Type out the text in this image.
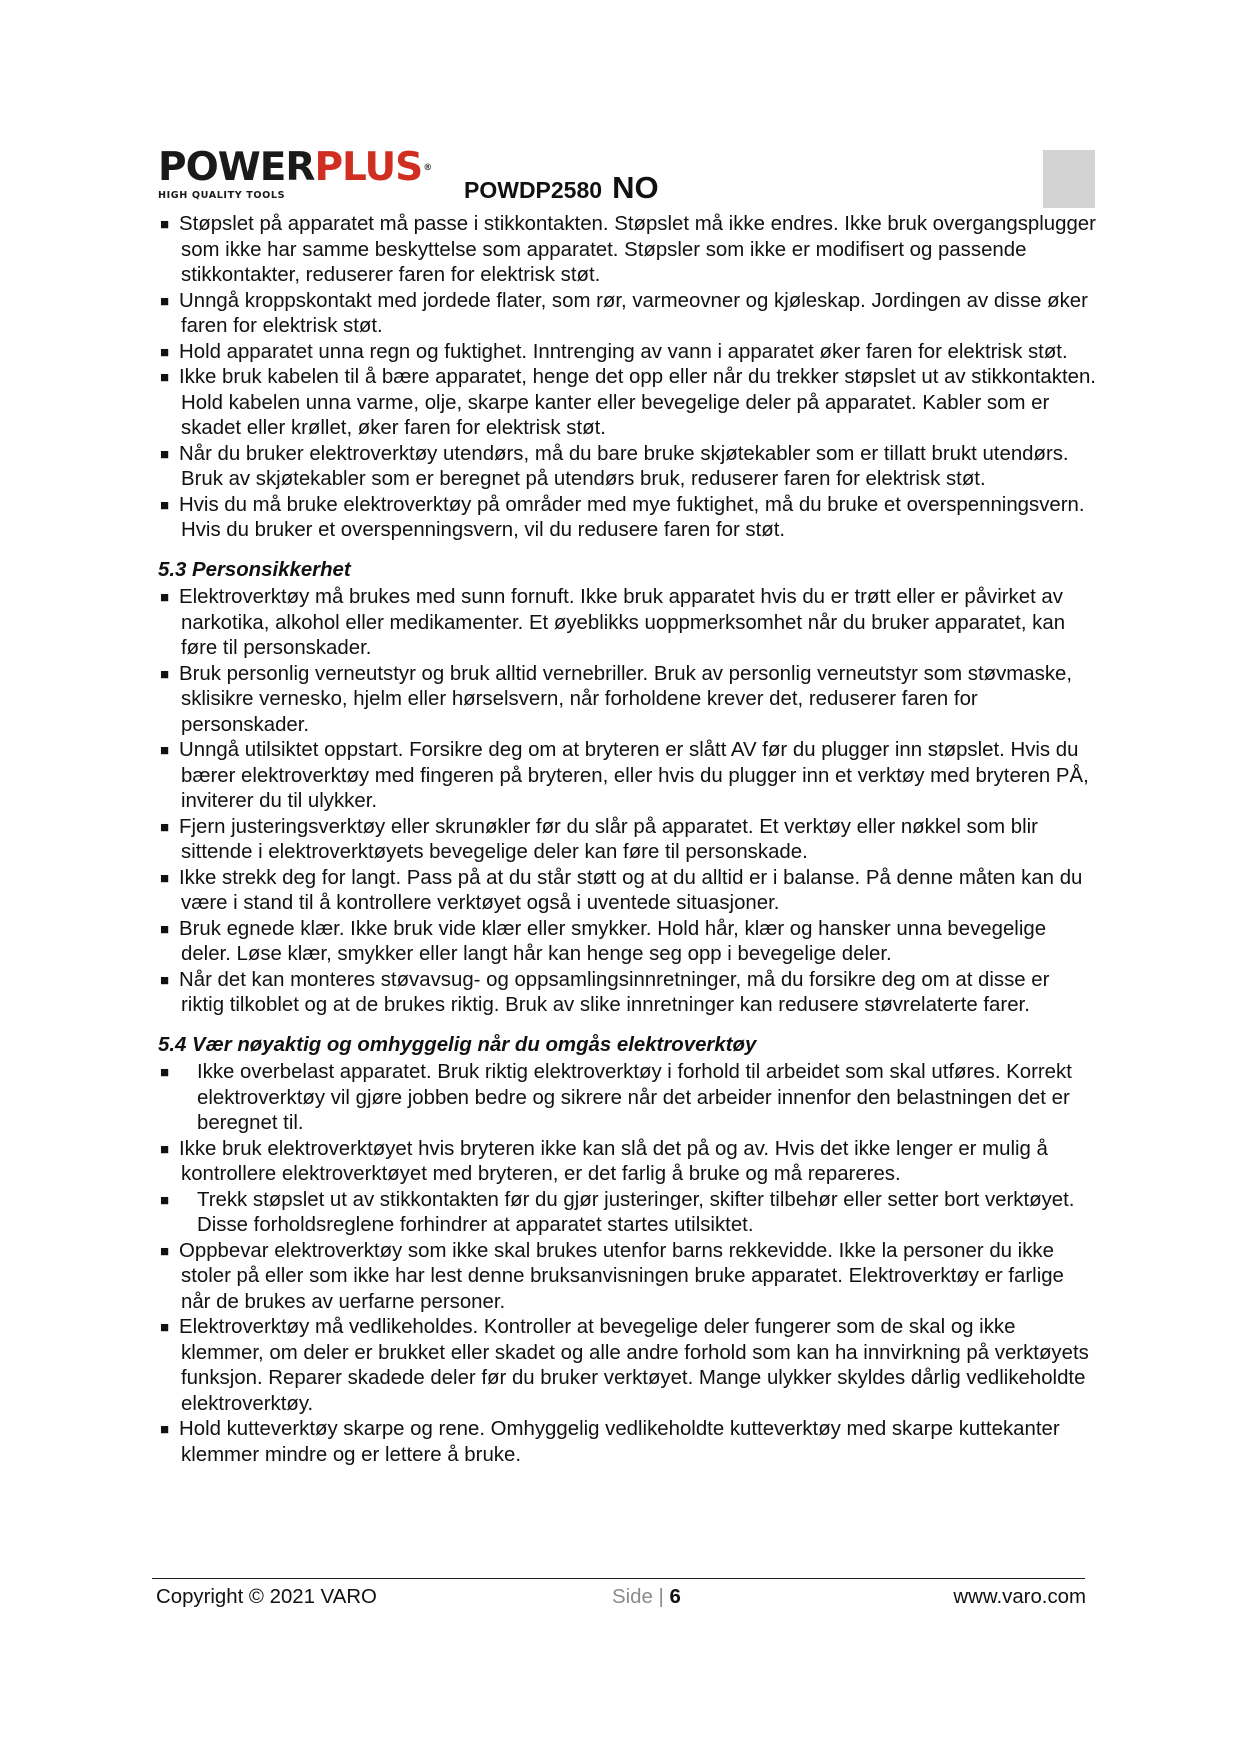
POWERPLUS®
HIGH QUALITY TOOLS	POWDP2580 NO
■ Støpslet på apparatet må passe i stikkontakten. Støpslet må ikke endres. Ikke bruk overgangsplugger som ikke har samme beskyttelse som apparatet. Støpsler som ikke er modifisert og passende stikkontakter, reduserer faren for elektrisk støt.
■ Unngå kroppskontakt med jordede flater, som rør, varmeovner og kjøleskap. Jordingen av disse øker faren for elektrisk støt.
■ Hold apparatet unna regn og fuktighet. Inntrenging av vann i apparatet øker faren for elektrisk støt.
■ Ikke bruk kabelen til å bære apparatet, henge det opp eller når du trekker støpslet ut av stikkontakten. Hold kabelen unna varme, olje, skarpe kanter eller bevegelige deler på apparatet. Kabler som er skadet eller krøllet, øker faren for elektrisk støt.
■ Når du bruker elektroverktøy utendørs, må du bare bruke skjøtekabler som er tillatt brukt utendørs. Bruk av skjøtekabler som er beregnet på utendørs bruk, reduserer faren for elektrisk støt.
■ Hvis du må bruke elektroverktøy på områder med mye fuktighet, må du bruke et overspenningsvern. Hvis du bruker et overspenningsvern, vil du redusere faren for støt.
5.3 Personsikkerhet
■ Elektroverktøy må brukes med sunn fornuft. Ikke bruk apparatet hvis du er trøtt eller er påvirket av narkotika, alkohol eller medikamenter. Et øyeblikks uoppmerksomhet når du bruker apparatet, kan føre til personskader.
■ Bruk personlig verneutstyr og bruk alltid vernebriller. Bruk av personlig verneutstyr som støvmaske, sklisikre vernesko, hjelm eller hørselsvern, når forholdene krever det, reduserer faren for personskader.
■ Unngå utilsiktet oppstart. Forsikre deg om at bryteren er slått AV før du plugger inn støpslet. Hvis du bærer elektroverktøy med fingeren på bryteren, eller hvis du plugger inn et verktøy med bryteren PÅ, inviterer du til ulykker.
■ Fjern justeringsverktøy eller skrunøkler før du slår på apparatet. Et verktøy eller nøkkel som blir sittende i elektroverktøyets bevegelige deler kan føre til personskade.
■ Ikke strekk deg for langt. Pass på at du står støtt og at du alltid er i balanse. På denne måten kan du være i stand til å kontrollere verktøyet også i uventede situasjoner.
■ Bruk egnede klær. Ikke bruk vide klær eller smykker. Hold hår, klær og hansker unna bevegelige deler. Løse klær, smykker eller langt hår kan henge seg opp i bevegelige deler.
■ Når det kan monteres støvavsug- og oppsamlingsinnretninger, må du forsikre deg om at disse er riktig tilkoblet og at de brukes riktig. Bruk av slike innretninger kan redusere støvrelaterte farer.
5.4 Vær nøyaktig og omhyggelig når du omgås elektroverktøy
■	Ikke overbelast apparatet. Bruk riktig elektroverktøy i forhold til arbeidet som skal utføres. Korrekt elektroverktøy vil gjøre jobben bedre og sikrere når det arbeider innenfor den belastningen det er beregnet til.
■ Ikke bruk elektroverktøyet hvis bryteren ikke kan slå det på og av. Hvis det ikke lenger er mulig å kontrollere elektroverktøyet med bryteren, er det farlig å bruke og må repareres.
■	Trekk støpslet ut av stikkontakten før du gjør justeringer, skifter tilbehør eller setter bort verktøyet. Disse forholdsreglene forhindrer at apparatet startes utilsiktet.
■ Oppbevar elektroverktøy som ikke skal brukes utenfor barns rekkevidde. Ikke la personer du ikke stoler på eller som ikke har lest denne bruksanvisningen bruke apparatet. Elektroverktøy er farlige når de brukes av uerfarne personer.
■ Elektroverktøy må vedlikeholdes. Kontroller at bevegelige deler fungerer som de skal og ikke klemmer, om deler er brukket eller skadet og alle andre forhold som kan ha innvirkning på verktøyets funksjon. Reparer skadede deler før du bruker verktøyet. Mange ulykker skyldes dårlig vedlikeholdte elektroverktøy.
■ Hold kutteverktøy skarpe og rene. Omhyggelig vedlikeholdte kutteverktøy med skarpe kuttekanter klemmer mindre og er lettere å bruke.
Copyright © 2021 VARO	Side | 6	www.varo.com
